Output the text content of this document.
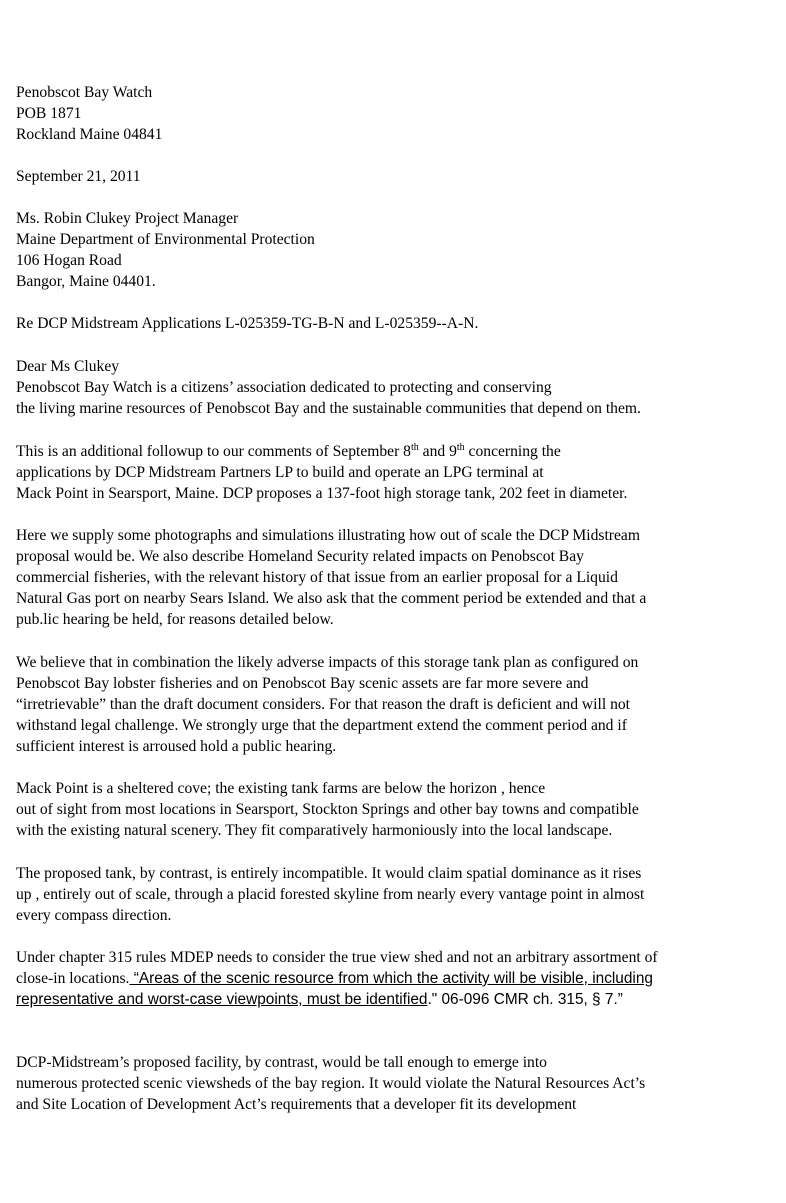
Penobscot Bay Watch
POB 1871
Rockland Maine 04841
September 21, 2011
Ms. Robin Clukey Project Manager
Maine Department of Environmental Protection
106 Hogan Road
Bangor, Maine 04401.
Re DCP Midstream Applications L-025359-TG-B-N and L-025359--A-N.
Dear Ms Clukey
Penobscot Bay Watch is a citizens’ association dedicated to protecting and conserving
the living marine resources of Penobscot Bay and the sustainable communities that depend on them.
This is an additional followup to our comments of September 8th and 9th concerning the
applications by DCP Midstream Partners LP to build and operate an LPG terminal at
Mack Point in Searsport, Maine. DCP proposes a 137-foot high storage tank, 202 feet in diameter.
Here we supply some photographs and simulations illustrating how out of scale the DCP Midstream
proposal would be. We also describe Homeland Security related impacts on Penobscot Bay
commercial fisheries, with the relevant history of that issue from an earlier proposal for a Liquid
Natural Gas port on nearby Sears Island. We also ask that the comment period be extended and that a
pub.lic hearing be held, for reasons detailed below.
We believe that in combination the likely adverse impacts of this storage tank plan as configured on
Penobscot Bay lobster fisheries and on Penobscot Bay scenic assets are far more severe and
“irretrievable” than the draft document considers. For that reason the draft is deficient and will not
withstand legal challenge. We strongly urge that the department extend the comment period and if
sufficient interest is arroused hold a public hearing.
Mack Point is a sheltered cove; the existing tank farms are below the horizon , hence
out of sight from most locations in Searsport, Stockton Springs and other bay towns and compatible
with the existing natural scenery. They fit comparatively harmoniously into the local landscape.
The proposed tank, by contrast, is entirely incompatible. It would claim spatial dominance as it rises
up , entirely out of scale, through a placid forested skyline from nearly every vantage point in almost
every compass direction.
Under chapter 315 rules MDEP needs to consider the true view shed and not an arbitrary assortment of
close-in locations. “Areas of the scenic resource from which the activity will be visible, including
representative and worst-case viewpoints, must be identified." 06-096 CMR ch. 315, § 7.”
DCP-Midstream’s proposed facility, by contrast, would be tall enough to emerge into
numerous protected scenic viewsheds of the bay region. It would violate the Natural Resources Act’s
and Site Location of Development Act’s requirements that a developer fit its development
